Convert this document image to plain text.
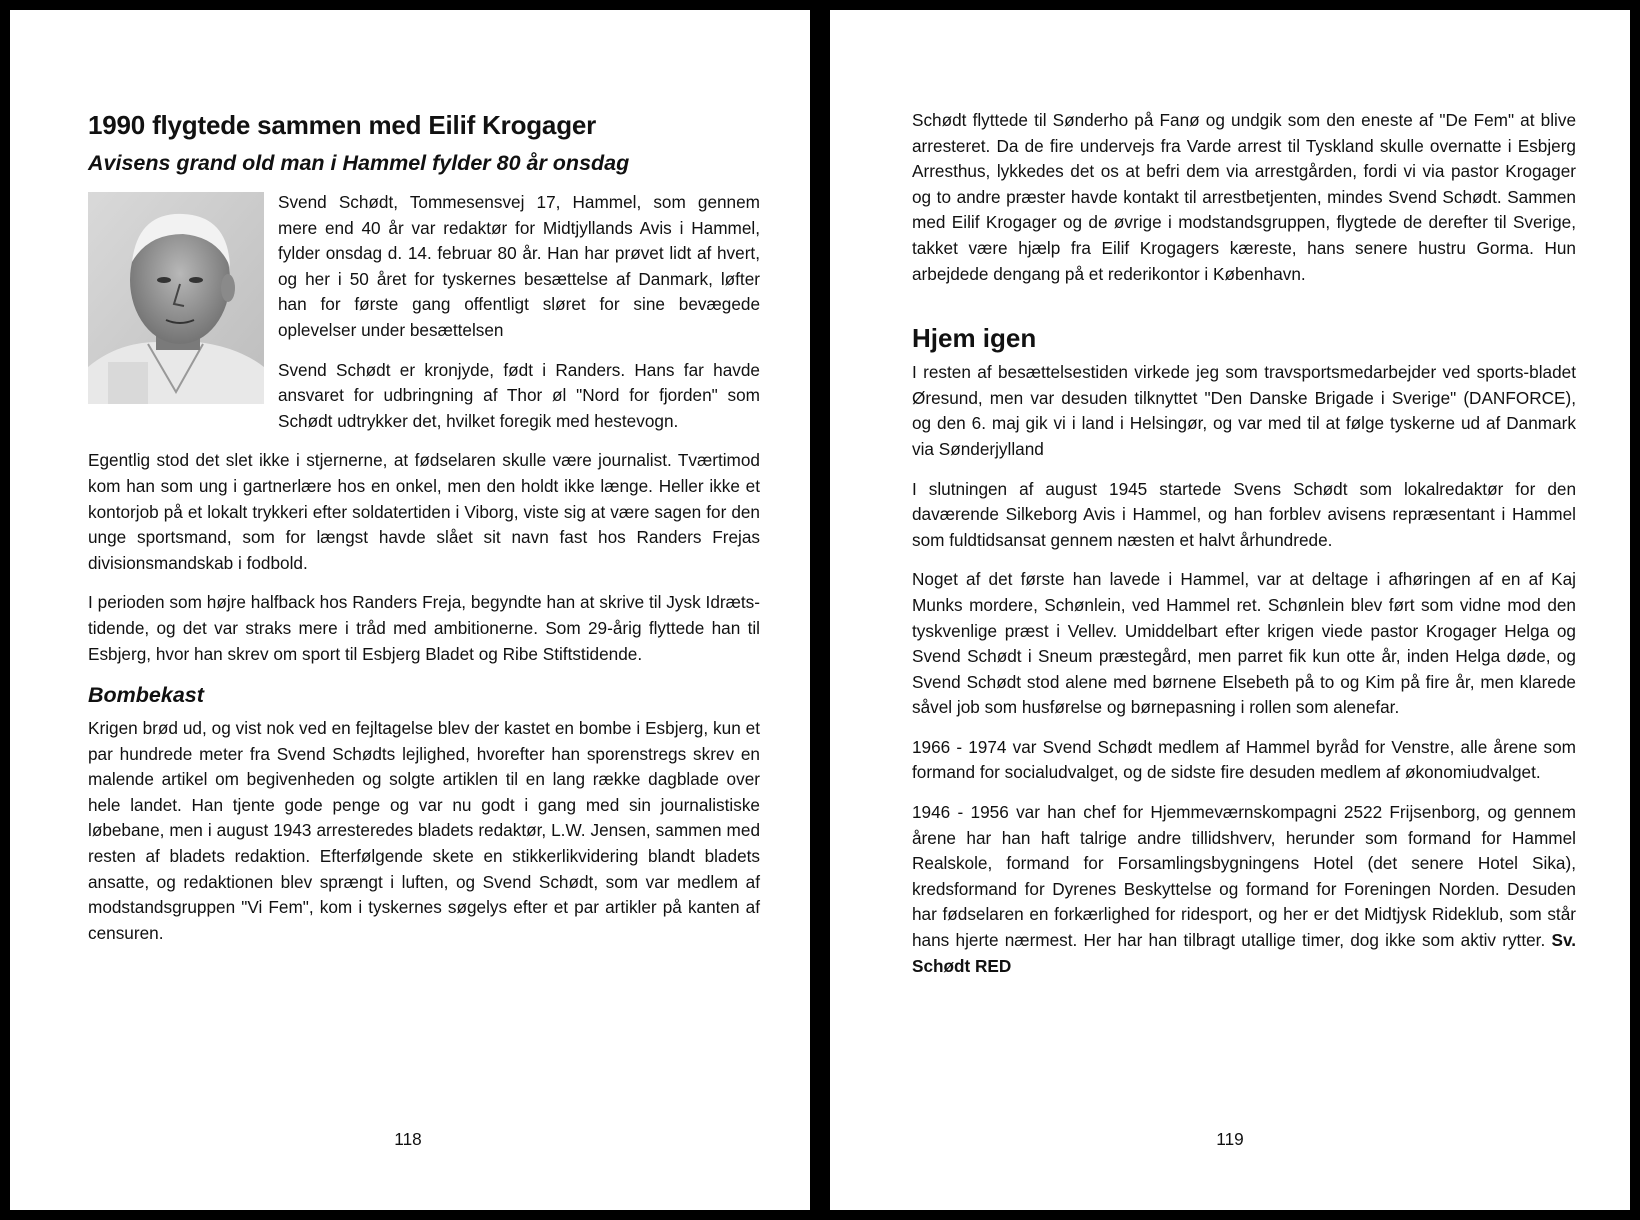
1990 flygtede sammen med Eilif Krogager
Avisens grand old man i Hammel fylder 80 år onsdag

Svend Schødt, Tommesensvej 17, Hammel, som gennem mere end 40 år var redaktør for Midtjyllands Avis i Hammel, fylder onsdag d. 14. februar 80 år. Han har prøvet lidt af hvert, og her i 50 året for tyskernes besættelse af Danmark, løfter han for første gang offentligt sløret for sine bevægede oplevelser under besættelsen

Svend Schødt er kronjyde, født i Randers. Hans far havde ansvaret for udbringning af Thor øl "Nord for fjorden" som Schødt udtrykker det, hvilket foregik med hestevogn.

Egentlig stod det slet ikke i stjernerne, at fødselaren skulle være journalist. Tværtimod kom han som ung i gartnerlære hos en onkel, men den holdt ikke længe. Heller ikke et kontorjob på et lokalt trykkeri efter soldatertiden i Viborg, viste sig at være sagen for den unge sportsmand, som for længst havde slået sit navn fast hos Randers Frejas divisionsmandskab i fodbold.

I perioden som højre halfback hos Randers Freja, begyndte han at skrive til Jysk Idræts-tidende, og det var straks mere i tråd med ambitionerne. Som 29-årig flyttede han til Esbjerg, hvor han skrev om sport til Esbjerg Bladet og Ribe Stiftstidende.

Bombekast

Krigen brød ud, og vist nok ved en fejltagelse blev der kastet en bombe i Esbjerg, kun et par hundrede meter fra Svend Schødts lejlighed, hvorefter han sporenstregs skrev en malende artikel om begivenheden og solgte artiklen til en lang række dagblade over hele landet. Han tjente gode penge og var nu godt i gang med sin journalistiske løbebane, men i august 1943 arresteredes bladets redaktør, L.W. Jensen, sammen med resten af bladets redaktion. Efterfølgende skete en stikkerlikvidering blandt bladets ansatte, og redaktionen blev sprængt i luften, og Svend Schødt, som var medlem af modstandsgruppen "Vi Fem", kom i tyskernes søgelys efter et par artikler på kanten af censuren.

118

Schødt flyttede til Sønderho på Fanø og undgik som den eneste af "De Fem" at blive arresteret. Da de fire undervejs fra Varde arrest til Tyskland skulle overnatte i Esbjerg Arresthus, lykkedes det os at befri dem via arrestgården, fordi vi via pastor Krogager og to andre præster havde kontakt til arrestbetjenten, mindes Svend Schødt. Sammen med Eilif Krogager og de øvrige i modstandsgruppen, flygtede de derefter til Sverige, takket være hjælp fra Eilif Krogagers kæreste, hans senere hustru Gorma. Hun arbejdede dengang på et rederikontor i København.

Hjem igen

I resten af besættelsestiden virkede jeg som travsportsmedarbejder ved sports-bladet Øresund, men var desuden tilknyttet "Den Danske Brigade i Sverige" (DANFORCE), og den 6. maj gik vi i land i Helsingør, og var med til at følge tyskerne ud af Danmark via Sønderjylland

I slutningen af august 1945 startede Svens Schødt som lokalredaktør for den daværende Silkeborg Avis i Hammel, og han forblev avisens repræsentant i Hammel som fuldtidsansat gennem næsten et halvt århundrede.

Noget af det første han lavede i Hammel, var at deltage i afhøringen af en af Kaj Munks mordere, Schønlein, ved Hammel ret. Schønlein blev ført som vidne mod den tyskvenlige præst i Vellev. Umiddelbart efter krigen viede pastor Krogager Helga og Svend Schødt i Sneum præstegård, men parret fik kun otte år, inden Helga døde, og Svend Schødt stod alene med børnene Elsebeth på to og Kim på fire år, men klarede såvel job som husførelse og børnepasning i rollen som alenefar.

1966 - 1974 var Svend Schødt medlem af Hammel byråd for Venstre, alle årene som formand for socialudvalget, og de sidste fire desuden medlem af økonomiudvalget.

1946 - 1956 var han chef for Hjemmeværnskompagni 2522 Frijsenborg, og gennem årene har han haft talrige andre tillidshverv, herunder som formand for Hammel Realskole, formand for Forsamlingsbygningens Hotel (det senere Hotel Sika), kredsformand for Dyrenes Beskyttelse og formand for Foreningen Norden. Desuden har fødselaren en forkærlighed for ridesport, og her er det Midtjysk Rideklub, som står hans hjerte nærmest. Her har han tilbragt utallige timer, dog ikke som aktiv rytter. Sv. Schødt RED

119
